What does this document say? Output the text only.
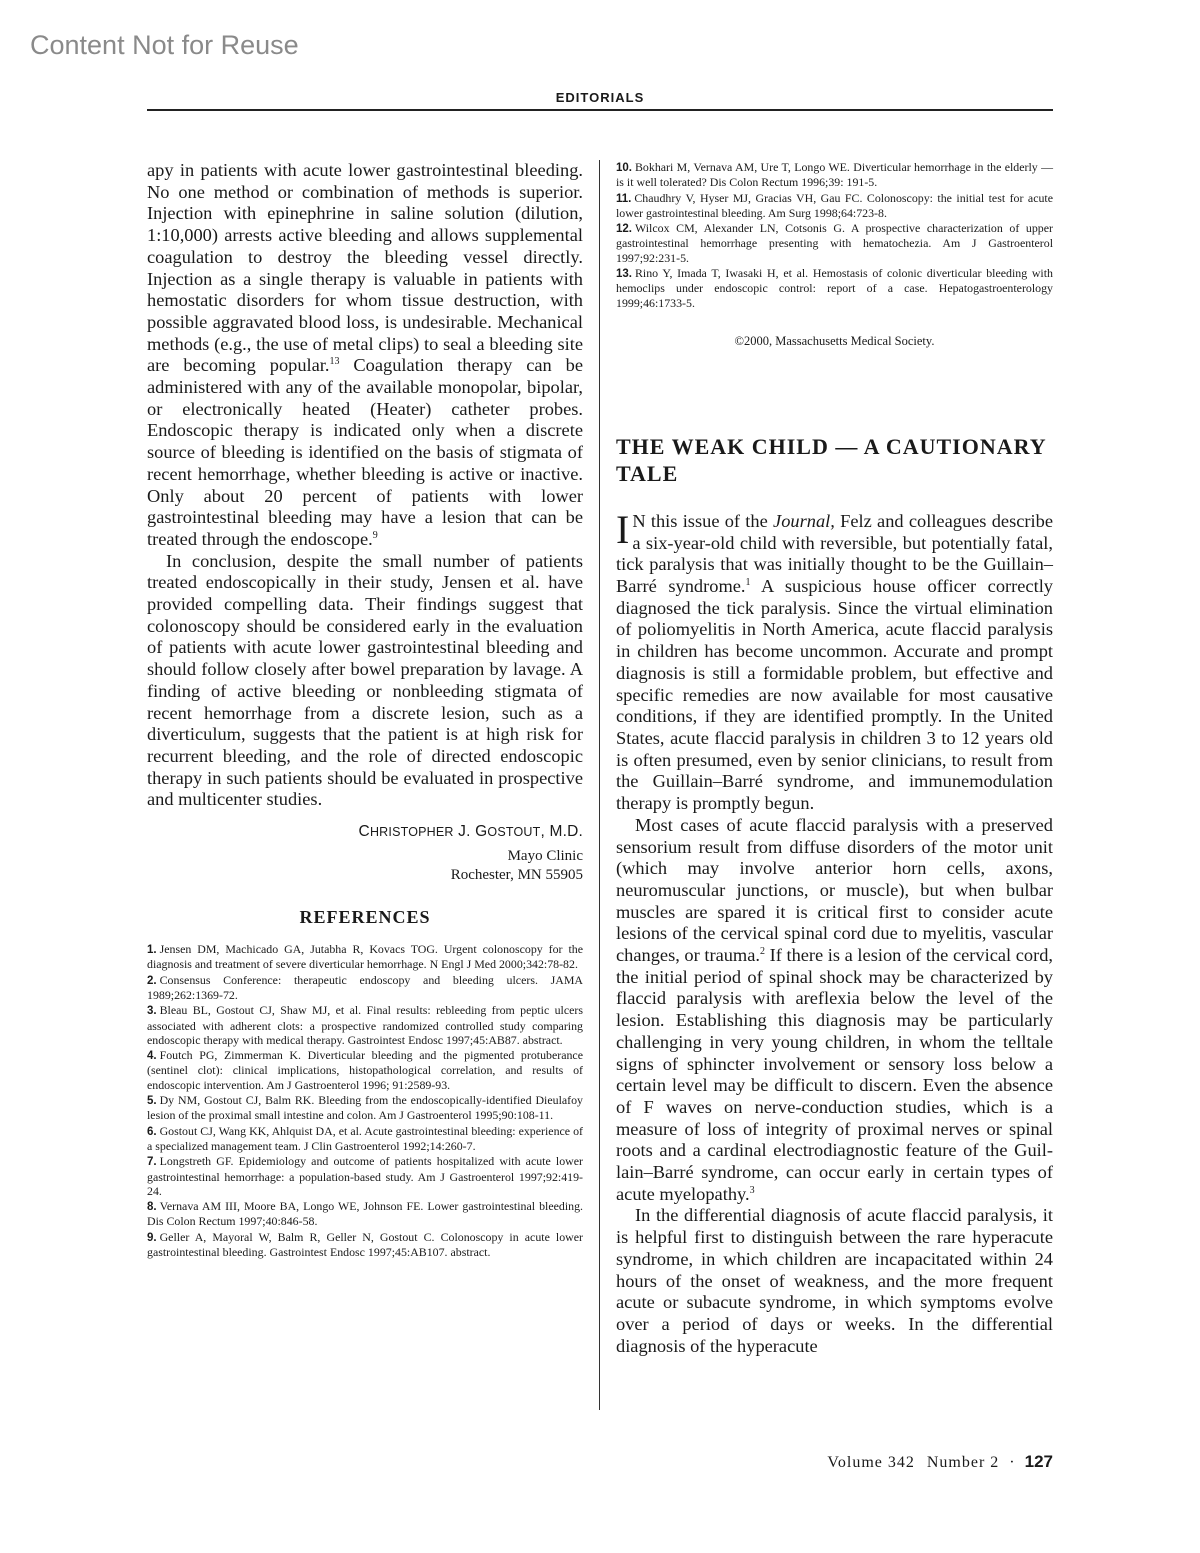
Content Not for Reuse
EDITORIALS

apy in patients with acute lower gastrointestinal bleeding. No one method or combination of methods is superior. Injection with epinephrine in saline solution (dilution, 1:10,000) arrests active bleeding and allows supplemental coagulation to destroy the bleeding vessel directly. Injection as a single therapy is valuable in patients with hemostatic disorders for whom tissue destruction, with possible aggravated blood loss, is undesirable. Mechanical methods (e.g., the use of metal clips) to seal a bleeding site are becoming popular.$^{13}$ Coagulation therapy can be administered with any of the available monopolar, bipolar, or electronically heated (Heater) catheter probes. Endoscopic therapy is indicated only when a discrete source of bleeding is identified on the basis of stigmata of recent hemorrhage, whether bleeding is active or inactive. Only about 20 percent of patients with lower gastrointestinal bleeding may have a lesion that can be treated through the endoscope.$^9$

In conclusion, despite the small number of patients treated endoscopically in their study, Jensen et al. have provided compelling data. Their findings suggest that colonoscopy should be considered early in the evaluation of patients with acute lower gastrointestinal bleeding and should follow closely after bowel preparation by lavage. A finding of active bleeding or nonbleeding stigmata of recent hemorrhage from a discrete lesion, such as a diverticulum, suggests that the patient is at high risk for recurrent bleeding, and the role of directed endoscopic therapy in such patients should be evaluated in prospective and multicenter studies.

CHRISTOPHER J. GOSTOUT, M.D.
Mayo Clinic
Rochester, MN 55905
REFERENCES
1. Jensen DM, Machicado GA, Jutabha R, Kovacs TOG. Urgent colonoscopy for the diagnosis and treatment of severe diverticular hemorrhage. N Engl J Med 2000;342:78-82.
2. Consensus Conference: therapeutic endoscopy and bleeding ulcers. JAMA 1989;262:1369-72.
3. Bleau BL, Gostout CJ, Shaw MJ, et al. Final results: rebleeding from peptic ulcers associated with adherent clots: a prospective randomized controlled study comparing endoscopic therapy with medical therapy. Gastrointest Endosc 1997;45:AB87. abstract.
4. Foutch PG, Zimmerman K. Diverticular bleeding and the pigmented protuberance (sentinel clot): clinical implications, histopathological correlation, and results of endoscopic intervention. Am J Gastroenterol 1996; 91:2589-93.
5. Dy NM, Gostout CJ, Balm RK. Bleeding from the endoscopically-identified Dieulafoy lesion of the proximal small intestine and colon. Am J Gastroenterol 1995;90:108-11.
6. Gostout CJ, Wang KK, Ahlquist DA, et al. Acute gastrointestinal bleeding: experience of a specialized management team. J Clin Gastroenterol 1992;14:260-7.
7. Longstreth GF. Epidemiology and outcome of patients hospitalized with acute lower gastrointestinal hemorrhage: a population-based study. Am J Gastroenterol 1997;92:419-24.
8. Vernava AM III, Moore BA, Longo WE, Johnson FE. Lower gastrointestinal bleeding. Dis Colon Rectum 1997;40:846-58.
9. Geller A, Mayoral W, Balm R, Geller N, Gostout C. Colonoscopy in acute lower gastrointestinal bleeding. Gastrointest Endosc 1997;45:AB107. abstract.
10. Bokhari M, Vernava AM, Ure T, Longo WE. Diverticular hemorrhage in the elderly — is it well tolerated? Dis Colon Rectum 1996;39: 191-5.
11. Chaudhry V, Hyser MJ, Gracias VH, Gau FC. Colonoscopy: the initial test for acute lower gastrointestinal bleeding. Am Surg 1998;64:723-8.
12. Wilcox CM, Alexander LN, Cotsonis G. A prospective characterization of upper gastrointestinal hemorrhage presenting with hematochezia. Am J Gastroenterol 1997;92:231-5.
13. Rino Y, Imada T, Iwasaki H, et al. Hemostasis of colonic diverticular bleeding with hemoclips under endoscopic control: report of a case. Hepatogastroenterology 1999;46:1733-5.
©2000, Massachusetts Medical Society.
THE WEAK CHILD — A CAUTIONARY TALE

I N this issue of the Journal, Felz and colleagues describe a six-year-old child with reversible, but potentially fatal, tick paralysis that was initially thought to be the Guillain–Barré syndrome.$^1$ A suspicious house officer correctly diagnosed the tick paralysis. Since the virtual elimination of poliomyelitis in North America, acute flaccid paralysis in children has become uncommon. Accurate and prompt diagnosis is still a formidable problem, but effective and specific remedies are now available for most causative conditions, if they are identified promptly. In the United States, acute flaccid paralysis in children 3 to 12 years old is often presumed, even by senior clinicians, to result from the Guillain–Barré syndrome, and immunemodulation therapy is promptly begun.

Most cases of acute flaccid paralysis with a preserved sensorium result from diffuse disorders of the motor unit (which may involve anterior horn cells, axons, neuromuscular junctions, or muscle), but when bulbar muscles are spared it is critical first to consider acute lesions of the cervical spinal cord due to myelitis, vascular changes, or trauma.$^2$ If there is a lesion of the cervical cord, the initial period of spinal shock may be characterized by flaccid paralysis with areflexia below the level of the lesion. Establishing this diagnosis may be particularly challenging in very young children, in whom the telltale signs of sphincter involvement or sensory loss below a certain level may be difficult to discern. Even the absence of F waves on nerve-conduction studies, which is a measure of loss of integrity of proximal nerves or spinal roots and a cardinal electrodiagnostic feature of the Guillain–Barré syndrome, can occur early in certain types of acute myelopathy.$^3$

In the differential diagnosis of acute flaccid paralysis, it is helpful first to distinguish between the rare hyperacute syndrome, in which children are incapacitated within 24 hours of the onset of weakness, and the more frequent acute or subacute syndrome, in which symptoms evolve over a period of days or weeks. In the differential diagnosis of the hyperacute

Volume 342 Number 2 · 127
